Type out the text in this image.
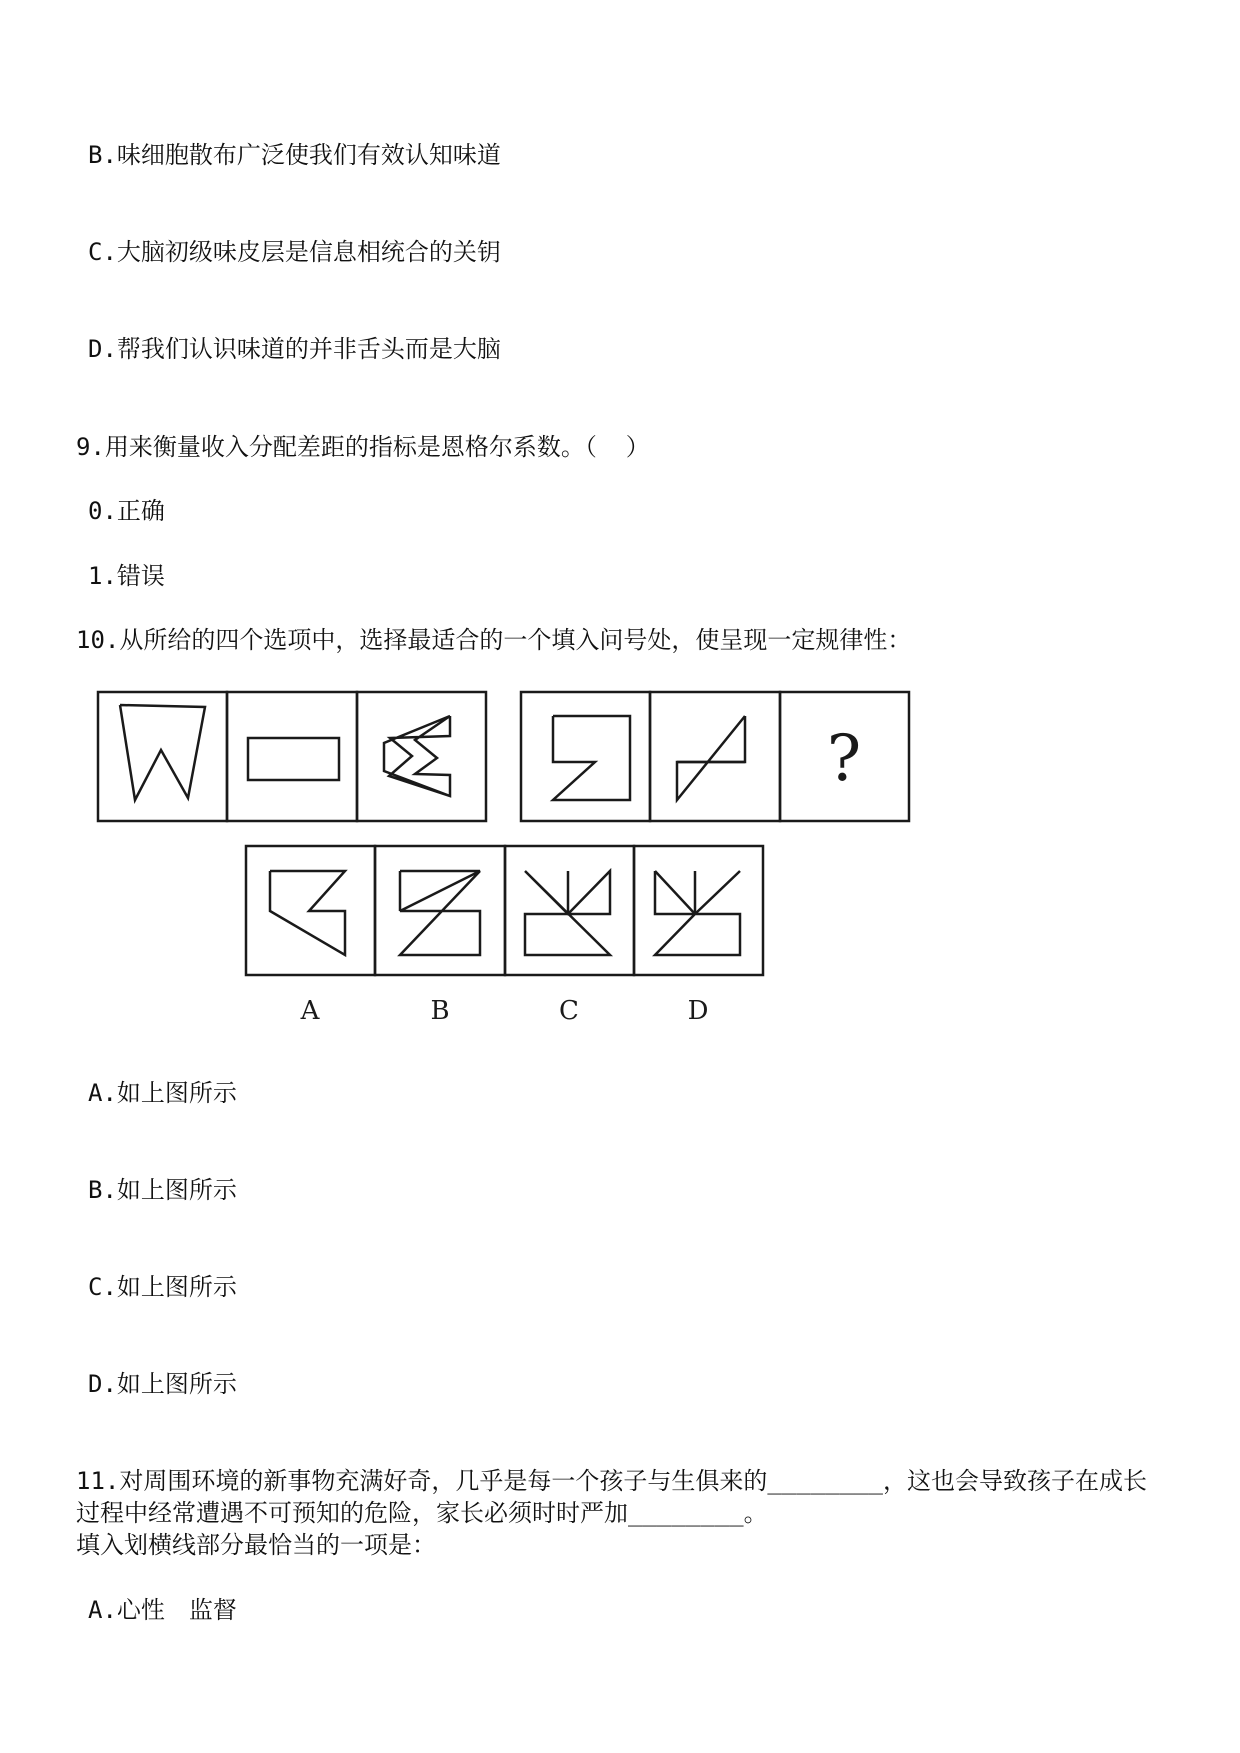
B.味细胞散布广泛使我们有效认知味道

C.大脑初级味皮层是信息相统合的关钥

D.帮我们认识味道的并非舌头而是大脑

9.用来衡量收入分配差距的指标是恩格尔系数。（  ）

0.正确

1.错误

10.从所给的四个选项中，选择最适合的一个填入问号处，使呈现一定规律性：

?
A	B	C	D

A.如上图所示

B.如上图所示

C.如上图所示

D.如上图所示

11.对周围环境的新事物充满好奇，几乎是每一个孩子与生俱来的________，这也会导致孩子在成长

过程中经常遭遇不可预知的危险，家长必须时时严加________。

填入划横线部分最恰当的一项是：

A.心性　监督
